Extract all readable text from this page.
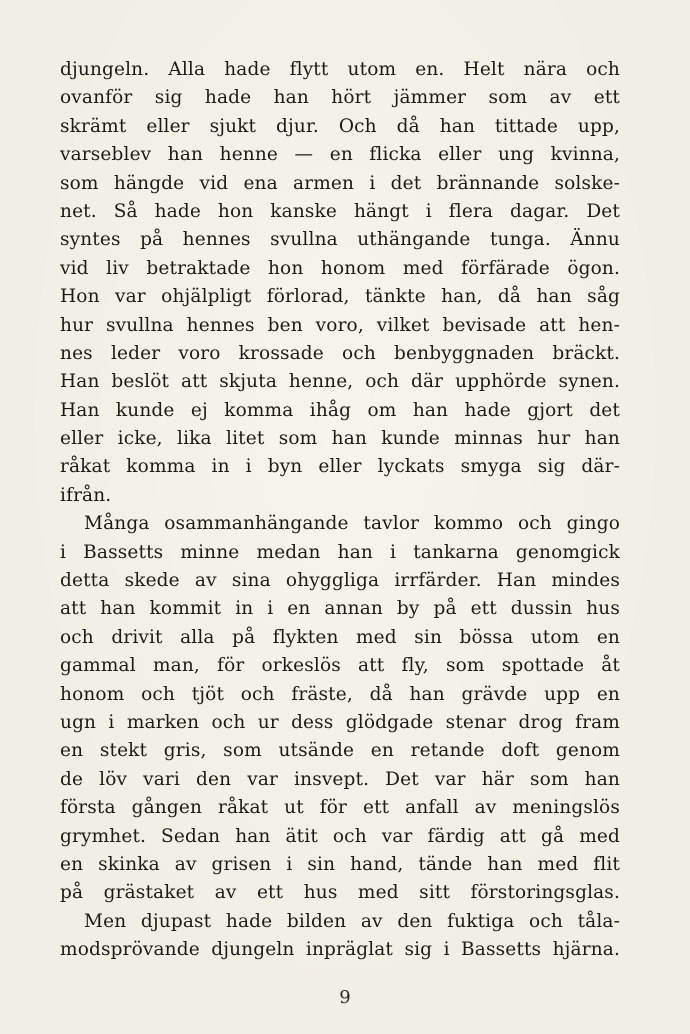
djungeln. Alla hade flytt utom en. Helt nära och
ovanför sig hade han hört jämmer som av ett
skrämt eller sjukt djur. Och då han tittade upp,
varseblev han henne — en flicka eller ung kvinna,
som hängde vid ena armen i det brännande solske-
net. Så hade hon kanske hängt i flera dagar. Det
syntes på hennes svullna uthängande tunga. Ännu
vid liv betraktade hon honom med förfärade ögon.
Hon var ohjälpligt förlorad, tänkte han, då han såg
hur svullna hennes ben voro, vilket bevisade att hen-
nes leder voro krossade och benbyggnaden bräckt.
Han beslöt att skjuta henne, och där upphörde synen.
Han kunde ej komma ihåg om han hade gjort det
eller icke, lika litet som han kunde minnas hur han
råkat komma in i byn eller lyckats smyga sig där-
ifrån.
Många osammanhängande tavlor kommo och gingo
i Bassetts minne medan han i tankarna genomgick
detta skede av sina ohyggliga irrfärder. Han mindes
att han kommit in i en annan by på ett dussin hus
och drivit alla på flykten med sin bössa utom en
gammal man, för orkeslös att fly, som spottade åt
honom och tjöt och fräste, då han grävde upp en
ugn i marken och ur dess glödgade stenar drog fram
en stekt gris, som utsände en retande doft genom
de löv vari den var insvept. Det var här som han
första gången råkat ut för ett anfall av meningslös
grymhet. Sedan han ätit och var färdig att gå med
en skinka av grisen i sin hand, tände han med flit
på grästaket av ett hus med sitt förstoringsglas.
Men djupast hade bilden av den fuktiga och tåla-
modsprövande djungeln inpräglat sig i Bassetts hjärna.
9
